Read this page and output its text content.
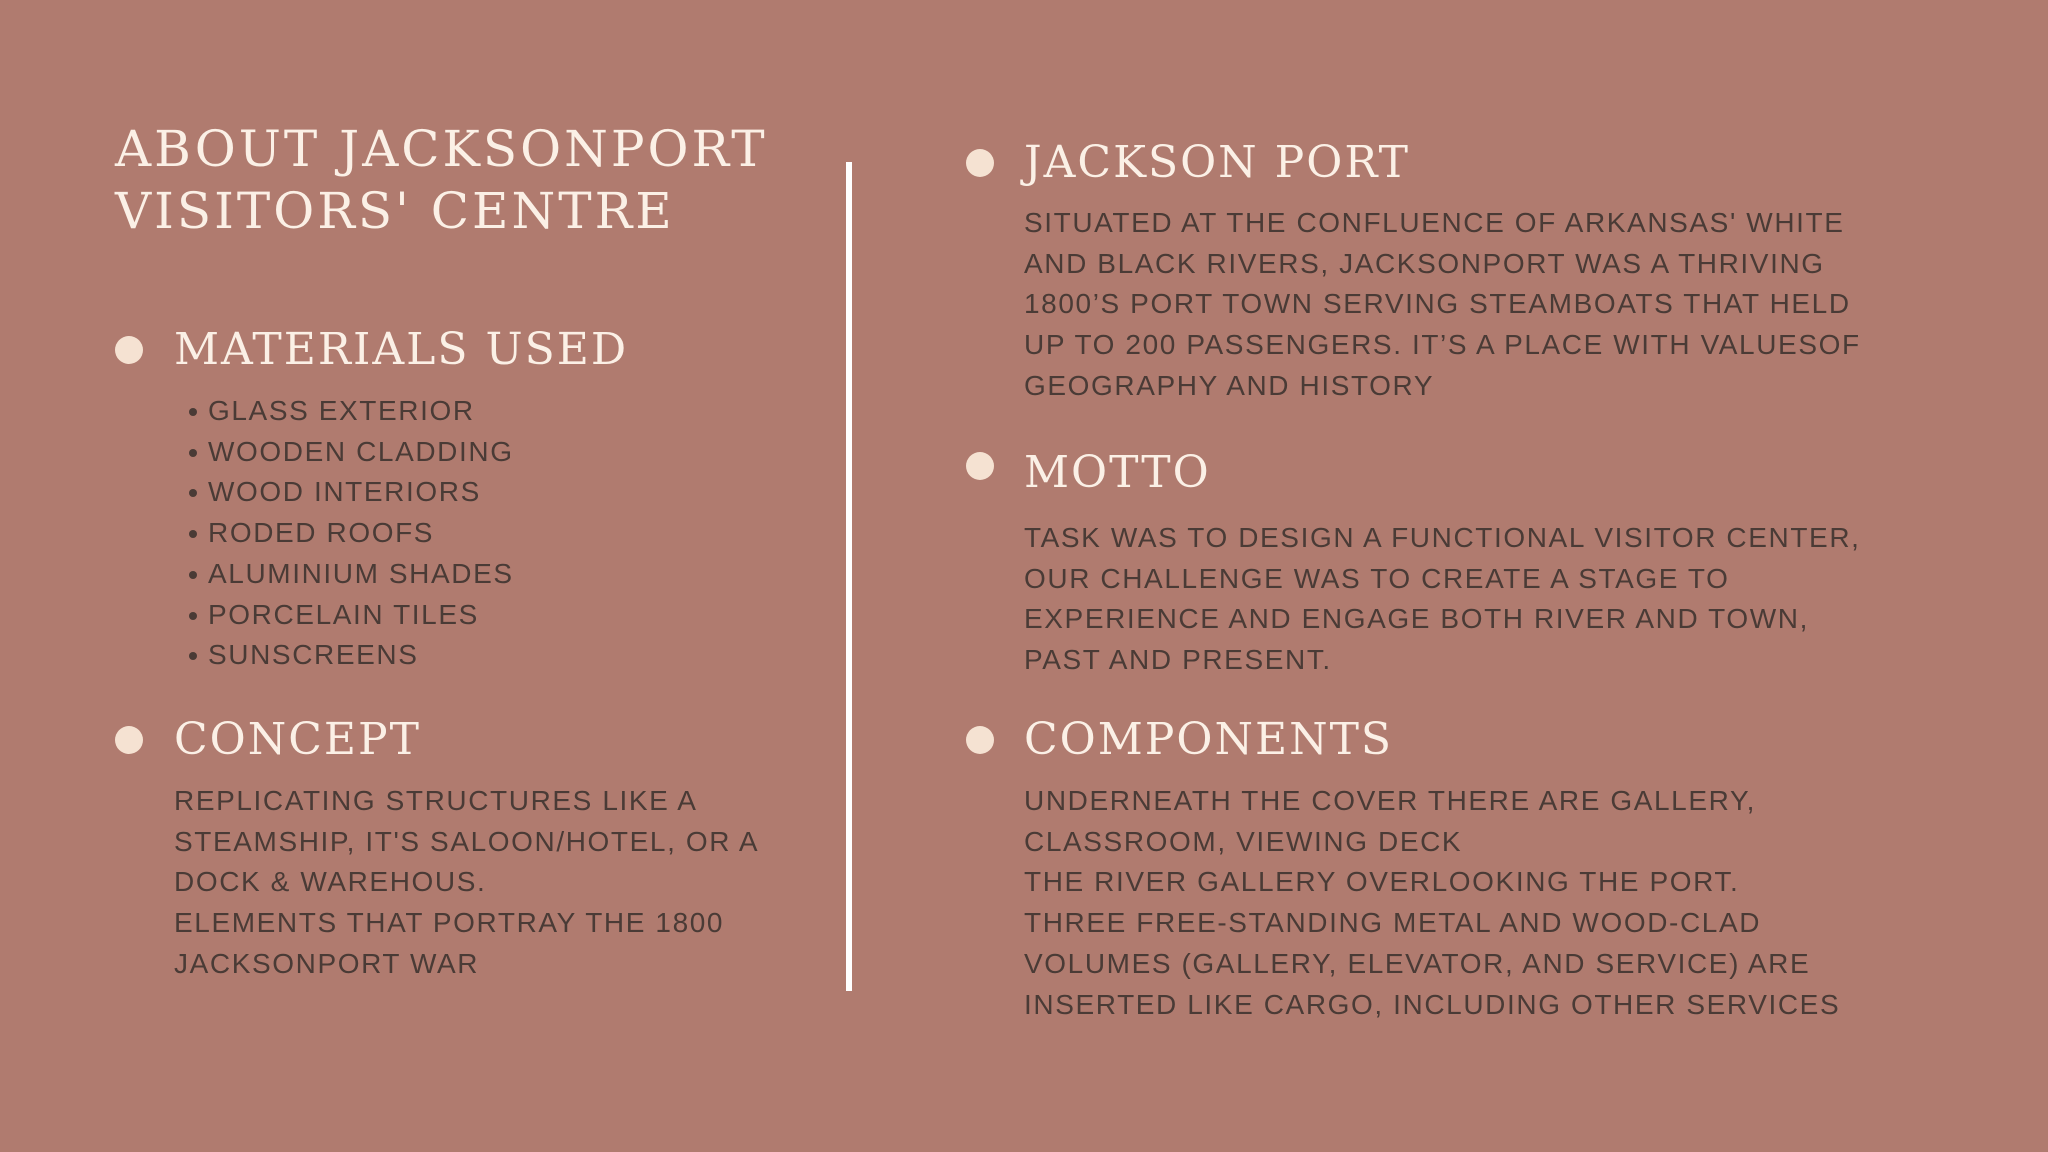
ABOUT JACKSONPORT
VISITORS' CENTRE
MATERIALS USED
GLASS EXTERIOR
WOODEN CLADDING
WOOD INTERIORS
RODED ROOFS
ALUMINIUM SHADES
PORCELAIN TILES
SUNSCREENS
CONCEPT
REPLICATING STRUCTURES LIKE A
STEAMSHIP, IT'S SALOON/HOTEL, OR A
DOCK & WAREHOUS.
ELEMENTS THAT PORTRAY THE 1800
JACKSONPORT WAR
JACKSON PORT
SITUATED AT THE CONFLUENCE OF ARKANSAS' WHITE
AND BLACK RIVERS, JACKSONPORT WAS A THRIVING
1800’S PORT TOWN SERVING STEAMBOATS THAT HELD
UP TO 200 PASSENGERS. IT’S A PLACE WITH VALUESOF
GEOGRAPHY AND HISTORY
MOTTO
TASK WAS TO DESIGN A FUNCTIONAL VISITOR CENTER,
OUR CHALLENGE WAS TO CREATE A STAGE TO
EXPERIENCE AND ENGAGE BOTH RIVER AND TOWN,
PAST AND PRESENT.
COMPONENTS
UNDERNEATH THE COVER THERE ARE GALLERY,
CLASSROOM, VIEWING DECK
THE RIVER GALLERY OVERLOOKING THE PORT.
THREE FREE-STANDING METAL AND WOOD-CLAD
VOLUMES (GALLERY, ELEVATOR, AND SERVICE) ARE
INSERTED LIKE CARGO, INCLUDING OTHER SERVICES
